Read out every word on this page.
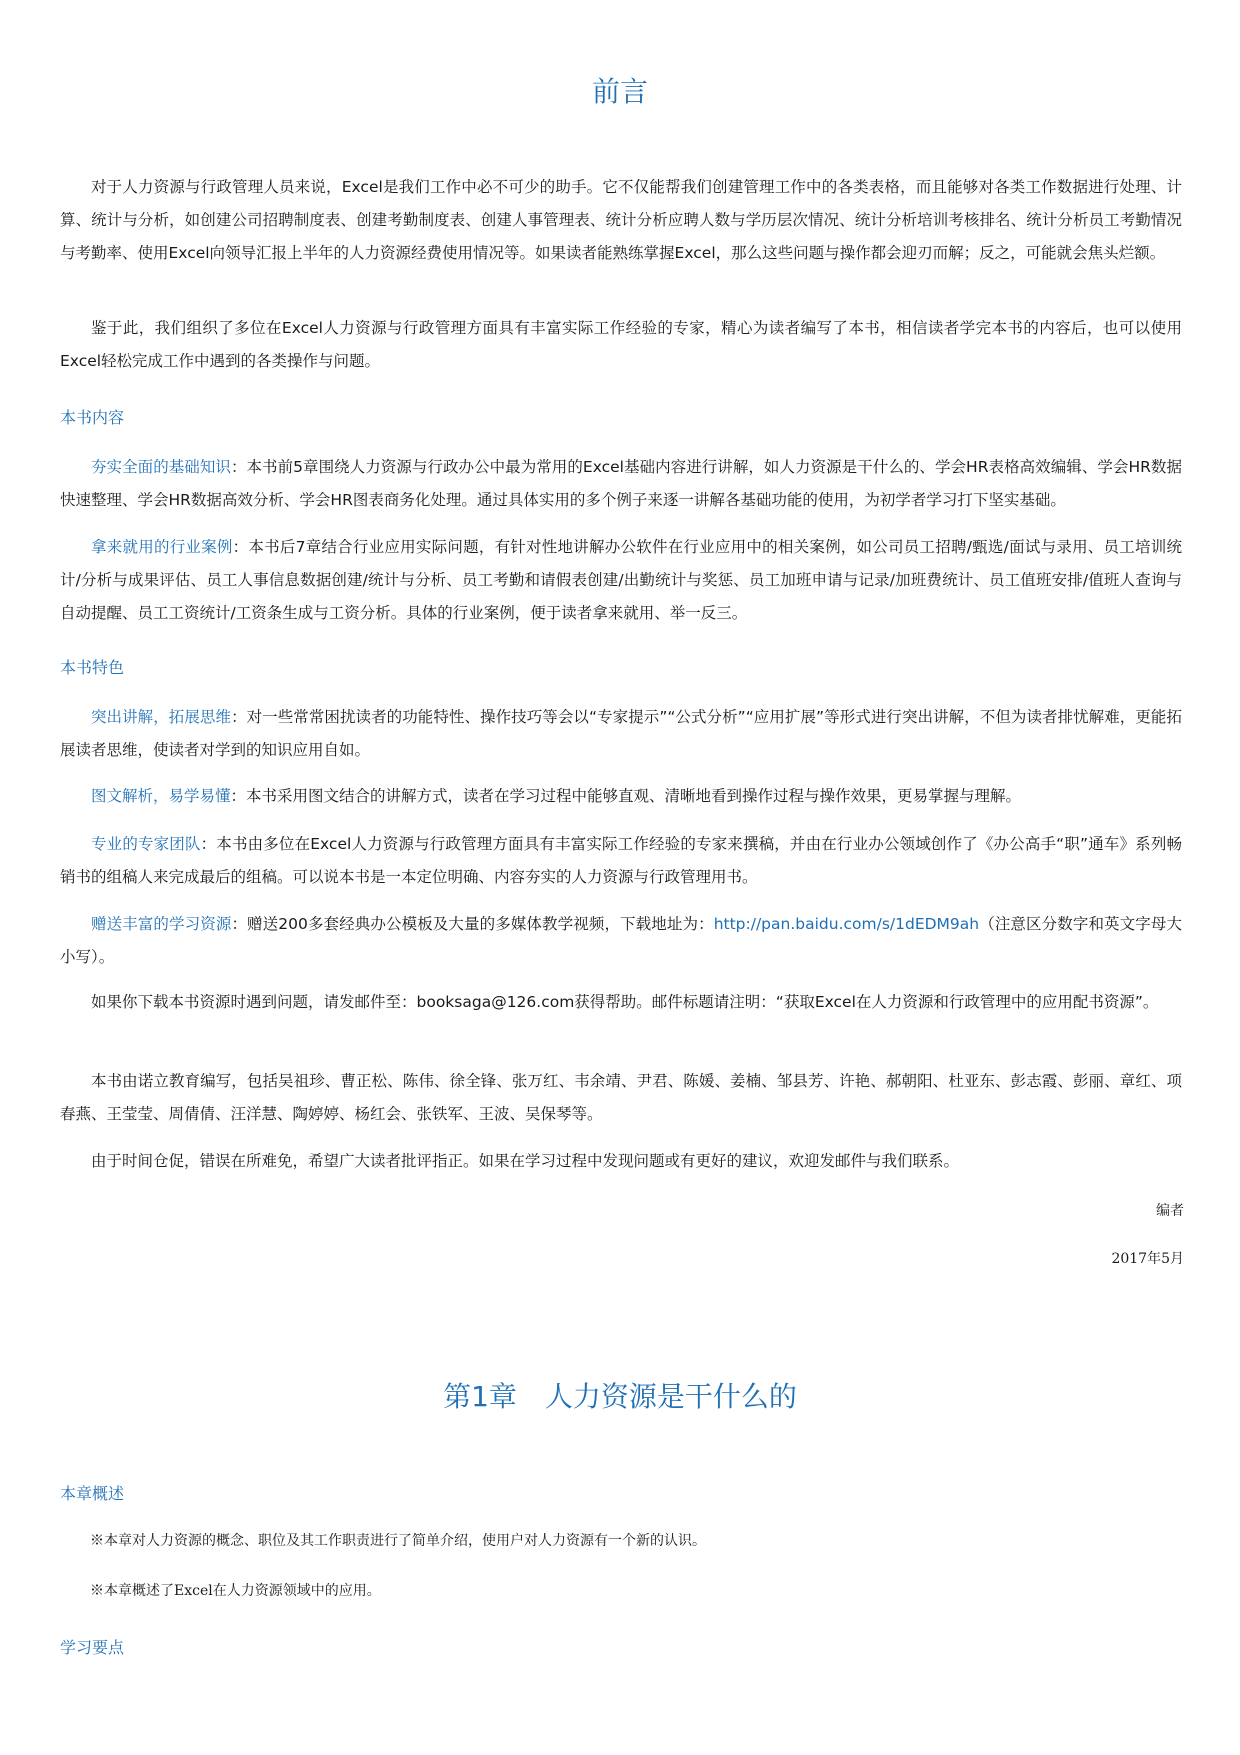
前言

对于人力资源与行政管理人员来说，Excel是我们工作中必不可少的助手。它不仅能帮我们创建管理工作中的各类表格，而且能够对各类工作数据进行处理、计算、统计与分析，如创建公司招聘制度表、创建考勤制度表、创建人事管理表、统计分析应聘人数与学历层次情况、统计分析培训考核排名、统计分析员工考勤情况与考勤率、使用Excel向领导汇报上半年的人力资源经费使用情况等。如果读者能熟练掌握Excel，那么这些问题与操作都会迎刃而解；反之，可能就会焦头烂额。

鉴于此，我们组织了多位在Excel人力资源与行政管理方面具有丰富实际工作经验的专家，精心为读者编写了本书，相信读者学完本书的内容后，也可以使用Excel轻松完成工作中遇到的各类操作与问题。

本书内容

夯实全面的基础知识：本书前5章围绕人力资源与行政办公中最为常用的Excel基础内容进行讲解，如人力资源是干什么的、学会HR表格高效编辑、学会HR数据快速整理、学会HR数据高效分析、学会HR图表商务化处理。通过具体实用的多个例子来逐一讲解各基础功能的使用，为初学者学习打下坚实基础。

拿来就用的行业案例：本书后7章结合行业应用实际问题，有针对性地讲解办公软件在行业应用中的相关案例，如公司员工招聘/甄选/面试与录用、员工培训统计/分析与成果评估、员工人事信息数据创建/统计与分析、员工考勤和请假表创建/出勤统计与奖惩、员工加班申请与记录/加班费统计、员工值班安排/值班人查询与自动提醒、员工工资统计/工资条生成与工资分析。具体的行业案例，便于读者拿来就用、举一反三。

本书特色

突出讲解，拓展思维：对一些常常困扰读者的功能特性、操作技巧等会以“专家提示”“公式分析”“应用扩展”等形式进行突出讲解，不但为读者排忧解难，更能拓展读者思维，使读者对学到的知识应用自如。

图文解析，易学易懂：本书采用图文结合的讲解方式，读者在学习过程中能够直观、清晰地看到操作过程与操作效果，更易掌握与理解。

专业的专家团队：本书由多位在Excel人力资源与行政管理方面具有丰富实际工作经验的专家来撰稿，并由在行业办公领域创作了《办公高手“职”通车》系列畅销书的组稿人来完成最后的组稿。可以说本书是一本定位明确、内容夯实的人力资源与行政管理用书。

赠送丰富的学习资源：赠送200多套经典办公模板及大量的多媒体教学视频，下载地址为：http://pan.baidu.com/s/1dEDM9ah（注意区分数字和英文字母大小写）。

如果你下载本书资源时遇到问题，请发邮件至：booksaga@126.com获得帮助。邮件标题请注明：“获取Excel在人力资源和行政管理中的应用配书资源”。

本书由诺立教育编写，包括吴祖珍、曹正松、陈伟、徐全锋、张万红、韦余靖、尹君、陈媛、姜楠、邹县芳、许艳、郝朝阳、杜亚东、彭志霞、彭丽、章红、项春燕、王莹莹、周倩倩、汪洋慧、陶婷婷、杨红会、张铁军、王波、吴保琴等。

由于时间仓促，错误在所难免，希望广大读者批评指正。如果在学习过程中发现问题或有更好的建议，欢迎发邮件与我们联系。

编者
2017年5月
第1章　人力资源是干什么的
本章概述
※本章对人力资源的概念、职位及其工作职责进行了简单介绍，使用户对人力资源有一个新的认识。
※本章概述了Excel在人力资源领域中的应用。
学习要点
